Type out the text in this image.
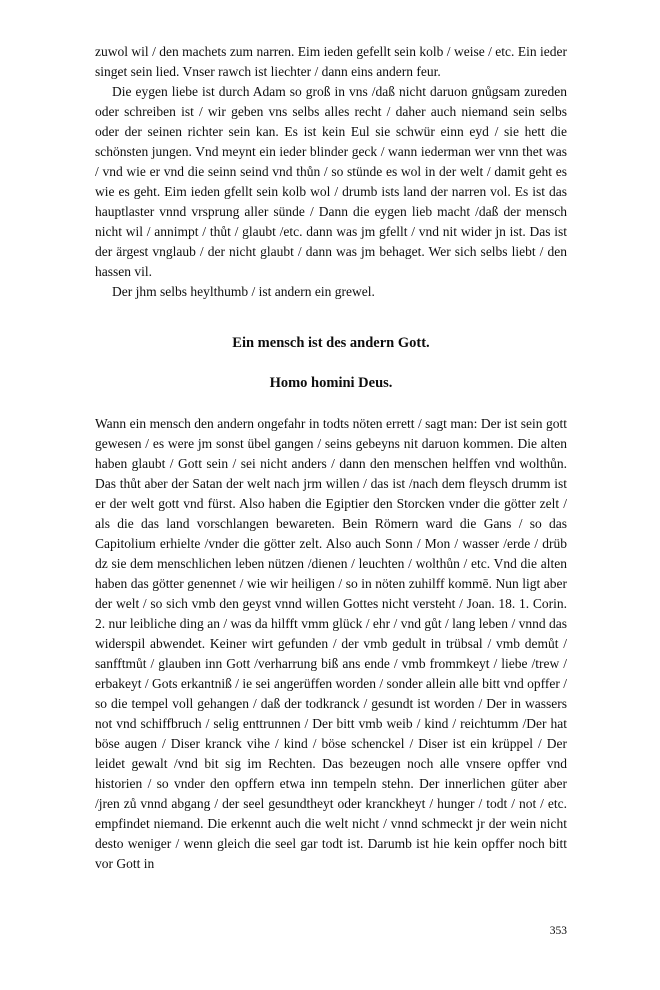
zuwol wil / den machets zum narren. Eim ieden gefellt sein kolb / weise / etc. Ein ieder singet sein lied. Vnser rawch ist liechter / dann eins andern feur.

Die eygen liebe ist durch Adam so groß in vns /daß nicht daruon gnůgsam zureden oder schreiben ist / wir geben vns selbs alles recht / daher auch niemand sein selbs oder der seinen richter sein kan. Es ist kein Eul sie schwür einn eyd / sie hett die schönsten jungen. Vnd meynt ein ieder blinder geck / wann iederman wer vnn thet was / vnd wie er vnd die seinn seind vnd thůn / so stünde es wol in der welt / damit geht es wie es geht. Eim ieden gfellt sein kolb wol / drumb ists land der narren vol. Es ist das hauptlaster vnnd vrsprung aller sünde / Dann die eygen lieb macht /daß der mensch nicht wil / annimpt / thůt / glaubt /etc. dann was jm gfellt / vnd nit wider jn ist. Das ist der ärgest vnglaub / der nicht glaubt / dann was jm behaget. Wer sich selbs liebt / den hassen vil.

Der jhm selbs heylthumb / ist andern ein grewel.

Ein mensch ist des andern Gott.
Homo homini Deus.

Wann ein mensch den andern ongefahr in todts nöten errett / sagt man: Der ist sein gott gewesen / es were jm sonst übel gangen / seins gebeyns nit daruon kommen. Die alten haben glaubt / Gott sein / sei nicht anders / dann den menschen helffen vnd wolthůn. Das thůt aber der Satan der welt nach jrm willen / das ist /nach dem fleysch drumm ist er der welt gott vnd fürst. Also haben die Egiptier den Storcken vnder die götter zelt / als die das land vorschlangen bewareten. Bein Römern ward die Gans / so das Capitolium erhielte /vnder die götter zelt. Also auch Sonn / Mon / wasser /erde / drüb dz sie dem menschlichen leben nützen /dienen / leuchten / wolthůn / etc. Vnd die alten haben das götter genennet / wie wir heiligen / so in nöten zuhilff kommē. Nun ligt aber der welt / so sich vmb den geyst vnnd willen Gottes nicht versteht / Joan. 18. 1. Corin. 2. nur leibliche ding an / was da hilfft vmm glück / ehr / vnd gůt / lang leben / vnnd das widerspil abwendet. Keiner wirt gefunden / der vmb gedult in trübsal / vmb demůt / sanfftmůt / glauben inn Gott /verharrung biß ans ende / vmb frommkeyt / liebe /trew / erbakeyt / Gots erkantniß / ie sei angerüffen worden / sonder allein alle bitt vnd opffer / so die tempel voll gehangen / daß der todkranck / gesundt ist worden / Der in wassers not vnd schiffbruch / selig enttrunnen / Der bitt vmb weib / kind / reichtumm /Der hat böse augen / Diser kranck vihe / kind / böse schenckel / Diser ist ein krüppel / Der leidet gewalt /vnd bit sig im Rechten. Das bezeugen noch alle vnsere opffer vnd historien / so vnder den opffern etwa inn tempeln stehn. Der innerlichen güter aber /jren zů vnnd abgang / der seel gesundtheyt oder kranckheyt / hunger / todt / not / etc. empfindet niemand. Die erkennt auch die welt nicht / vnnd schmeckt jr der wein nicht desto weniger / wenn gleich die seel gar todt ist. Darumb ist hie kein opffer noch bitt vor Gott in

353
